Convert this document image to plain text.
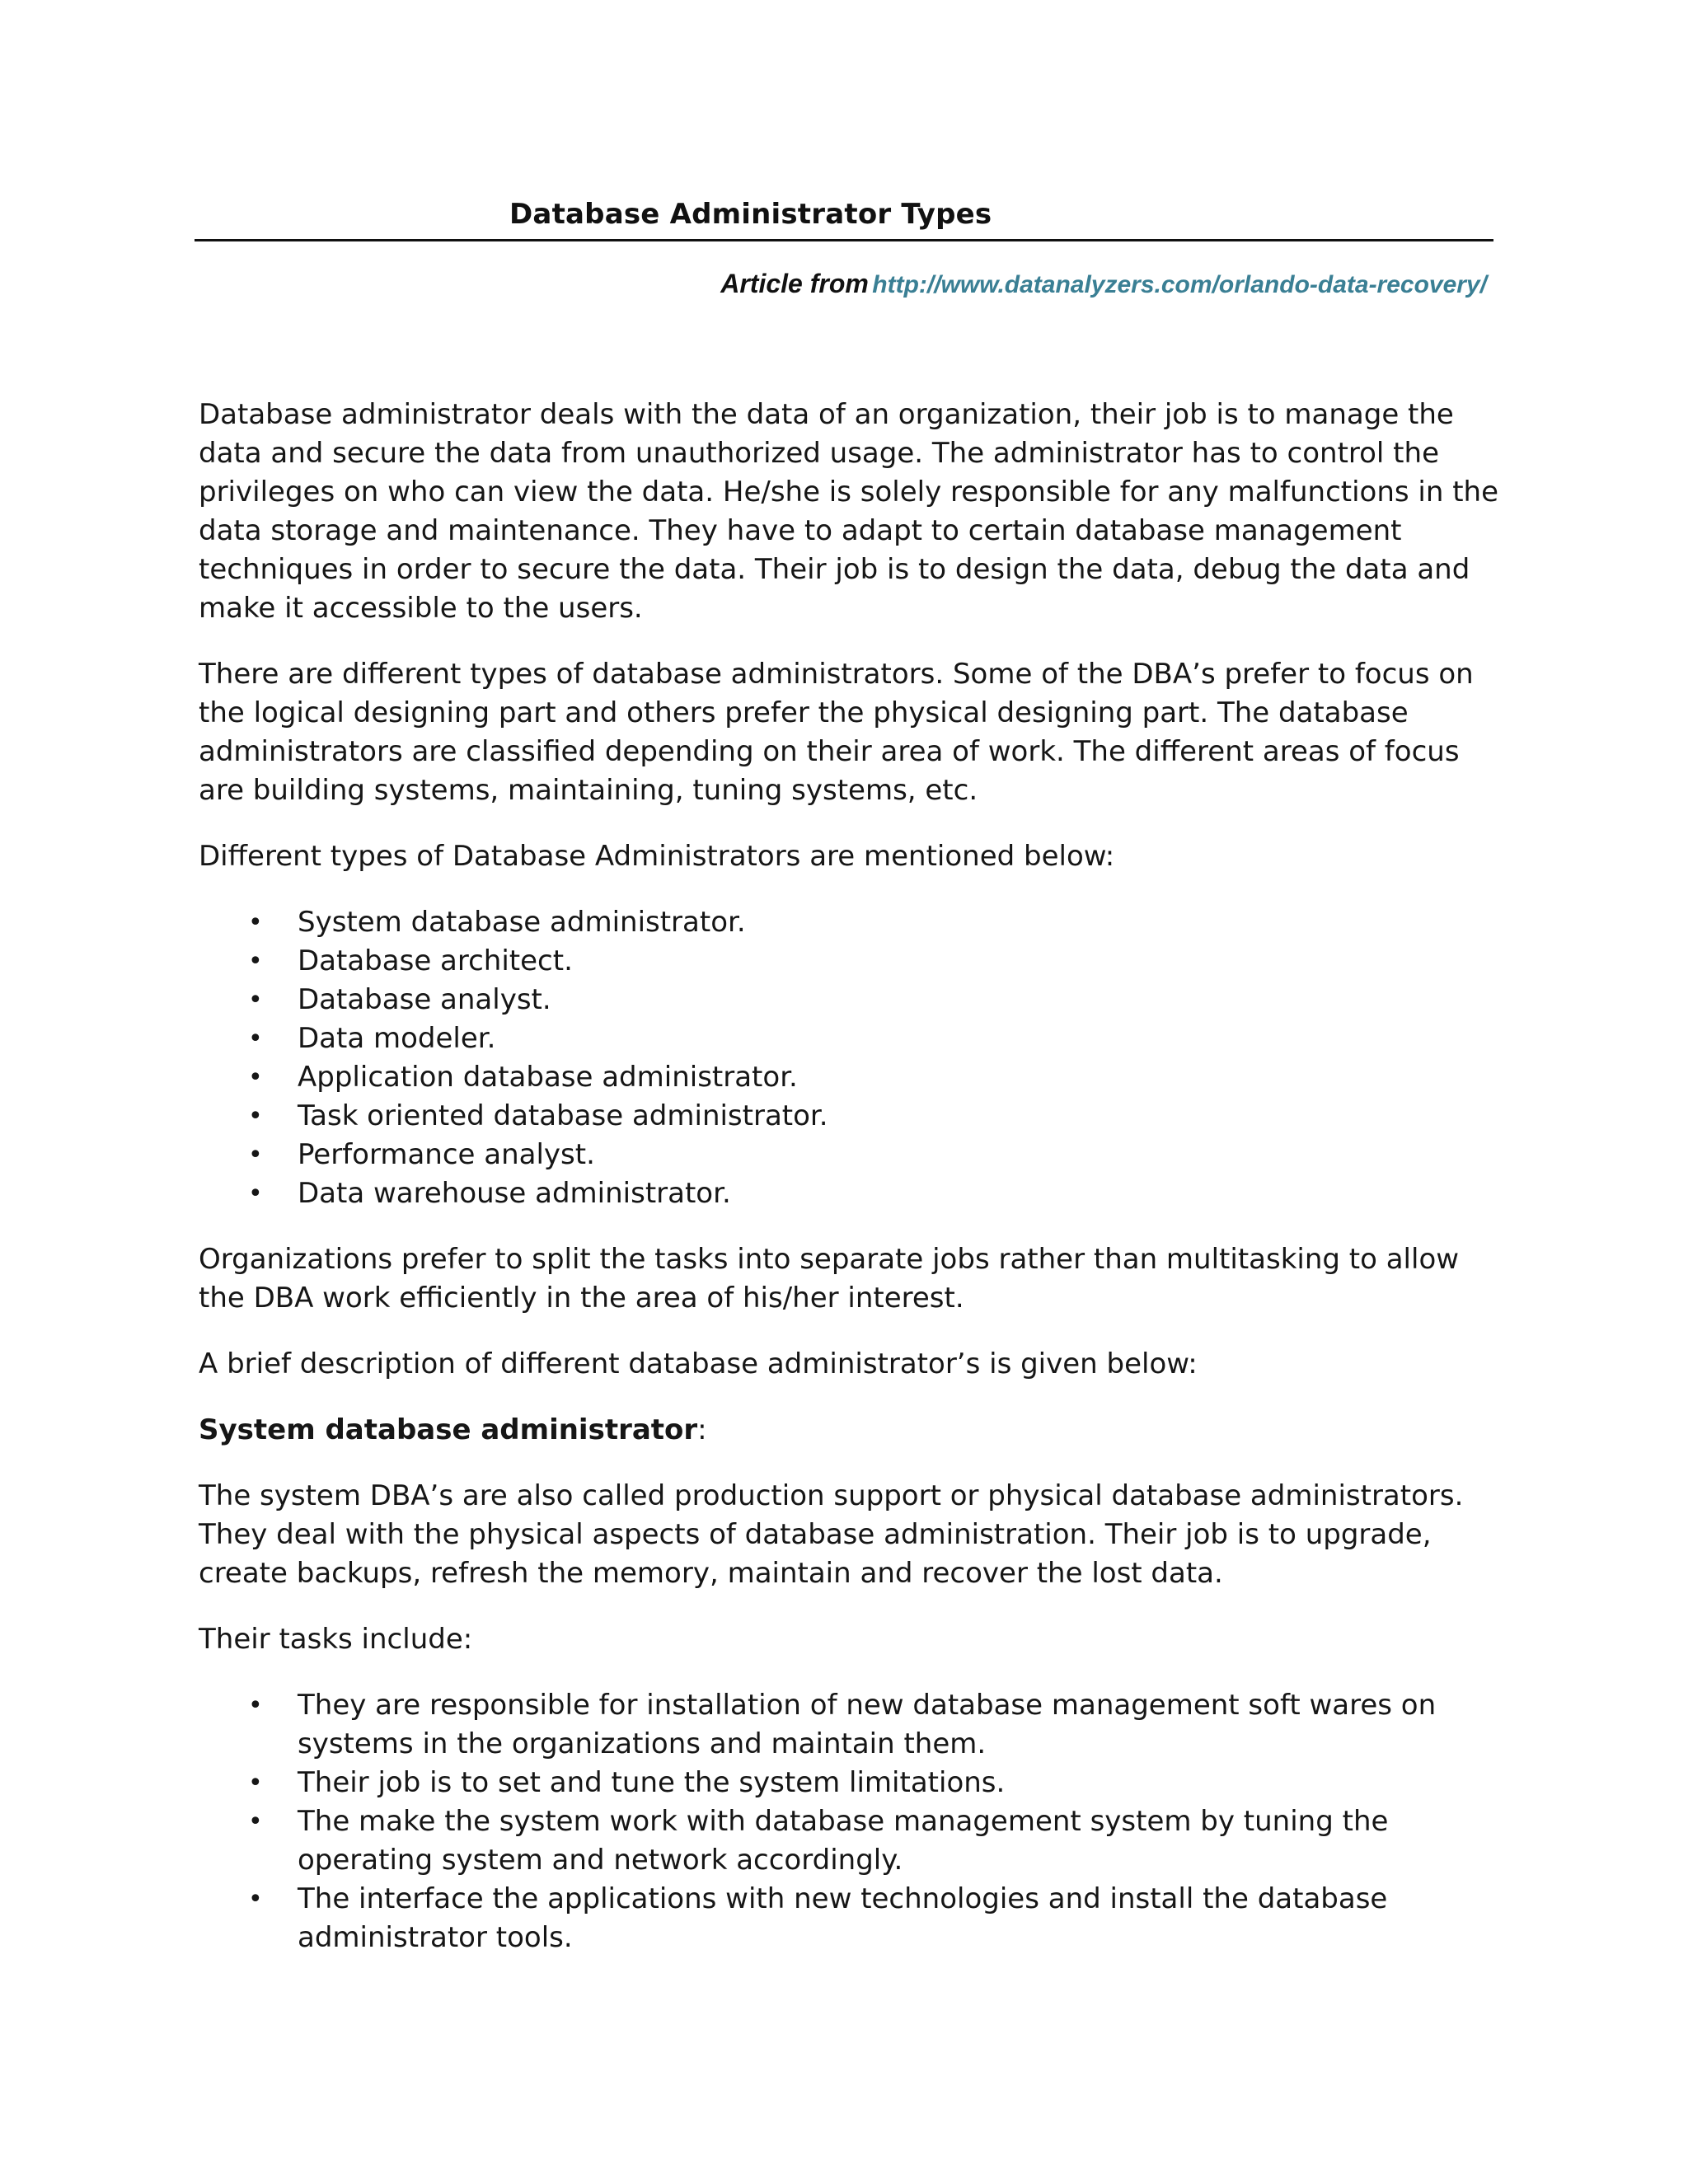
Database Administrator Types
Article from http://www.datanalyzers.com/orlando-data-recovery/

Database administrator deals with the data of an organization, their job is to manage the data and secure the data from unauthorized usage. The administrator has to control the privileges on who can view the data. He/she is solely responsible for any malfunctions in the data storage and maintenance. They have to adapt to certain database management techniques in order to secure the data. Their job is to design the data, debug the data and make it accessible to the users.

There are different types of database administrators. Some of the DBA’s prefer to focus on the logical designing part and others prefer the physical designing part. The database administrators are classified depending on their area of work. The different areas of focus are building systems, maintaining, tuning systems, etc.

Different types of Database Administrators are mentioned below:

• System database administrator.
• Database architect.
• Database analyst.
• Data modeler.
• Application database administrator.
• Task oriented database administrator.
• Performance analyst.
• Data warehouse administrator.

Organizations prefer to split the tasks into separate jobs rather than multitasking to allow the DBA work efficiently in the area of his/her interest.

A brief description of different database administrator’s is given below:

System database administrator:

The system DBA’s are also called production support or physical database administrators. They deal with the physical aspects of database administration. Their job is to upgrade, create backups, refresh the memory, maintain and recover the lost data.

Their tasks include:

• They are responsible for installation of new database management soft wares on systems in the organizations and maintain them.
• Their job is to set and tune the system limitations.
• The make the system work with database management system by tuning the operating system and network accordingly.
• The interface the applications with new technologies and install the database administrator tools.
